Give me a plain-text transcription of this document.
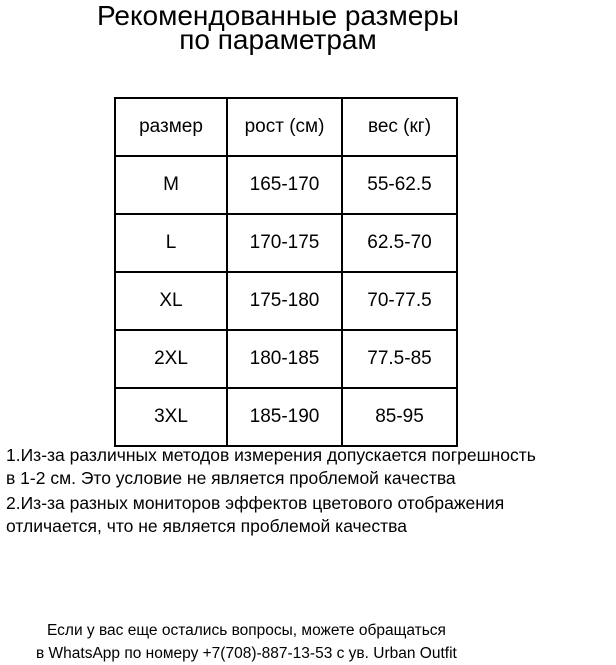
Рекомендованные размеры
по параметрам
размер	рост (см)	вес (кг)
M	165-170	55-62.5
L	170-175	62.5-70
XL	175-180	70-77.5
2XL	180-185	77.5-85
3XL	185-190	85-95
1.Из-за различных методов измерения допускается погрешность
в 1-2 см. Это условие не является проблемой качества
2.Из-за разных мониторов эффектов цветового отображения
отличается, что не является проблемой качества
Если у вас еще остались вопросы, можете обращаться
в WhatsApp по номеру +7(708)-887-13-53 с ув. Urban Outfit
